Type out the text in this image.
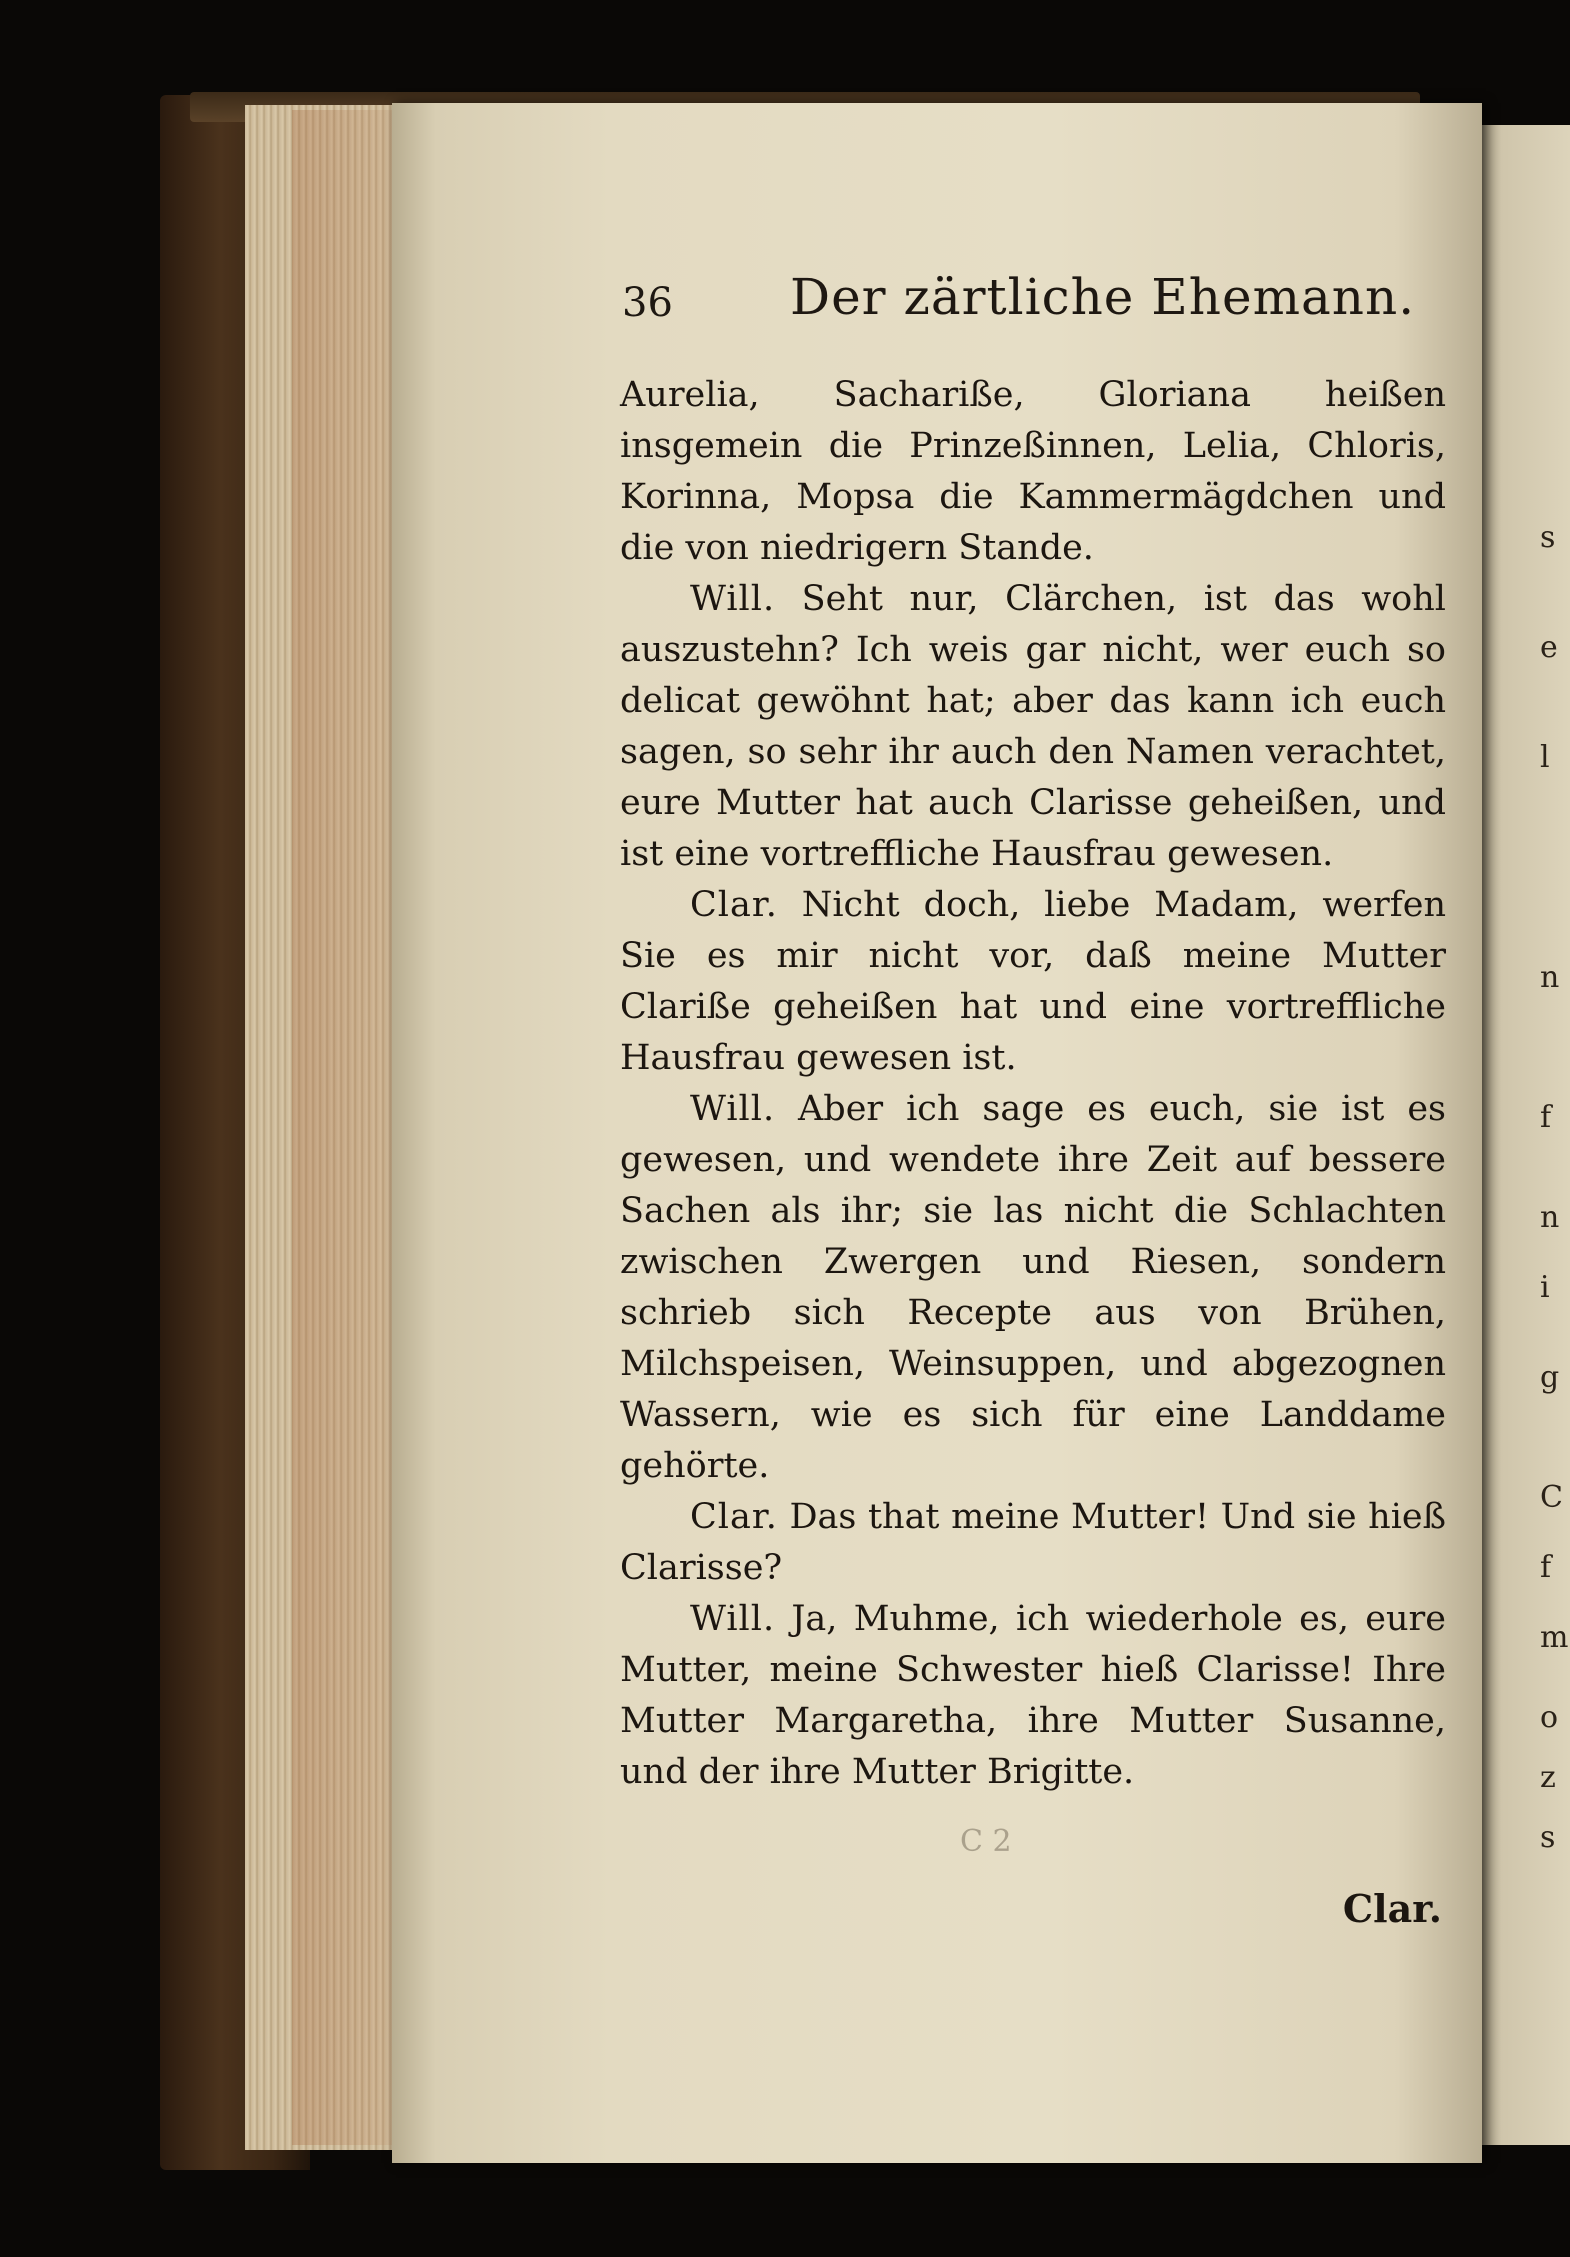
s
e
l
n
f
n
i
g
C
f
m
o
z
s
36 Der zärtliche Ehemann.

Aurelia, Sachariße, Gloriana heißen insgemein die Prinzeßinnen, Lelia, Chloris, Korinna, Mopsa die Kammermägdchen und die von niedrigern Stande.

Will. Seht nur, Clärchen, ist das wohl auszustehn? Ich weis gar nicht, wer euch so delicat gewöhnt hat; aber das kann ich euch sagen, so sehr ihr auch den Namen verachtet, eure Mutter hat auch Clarisse geheißen, und ist eine vortreffliche Hausfrau gewesen.

Clar. Nicht doch, liebe Madam, werfen Sie es mir nicht vor, daß meine Mutter Clariße geheißen hat und eine vortreffliche Hausfrau gewesen ist.

Will. Aber ich sage es euch, sie ist es gewesen, und wendete ihre Zeit auf bessere Sachen als ihr; sie las nicht die Schlachten zwischen Zwergen und Riesen, sondern schrieb sich Recepte aus von Brühen, Milchspeisen, Weinsuppen, und abgezognen Wassern, wie es sich für eine Landdame gehörte.

Clar. Das that meine Mutter! Und sie hieß Clarisse?

Will. Ja, Muhme, ich wiederhole es, eure Mutter, meine Schwester hieß Clarisse! Ihre Mutter Margaretha, ihre Mutter Susanne, und der ihre Mutter Brigitte.

Clar.
C 2
